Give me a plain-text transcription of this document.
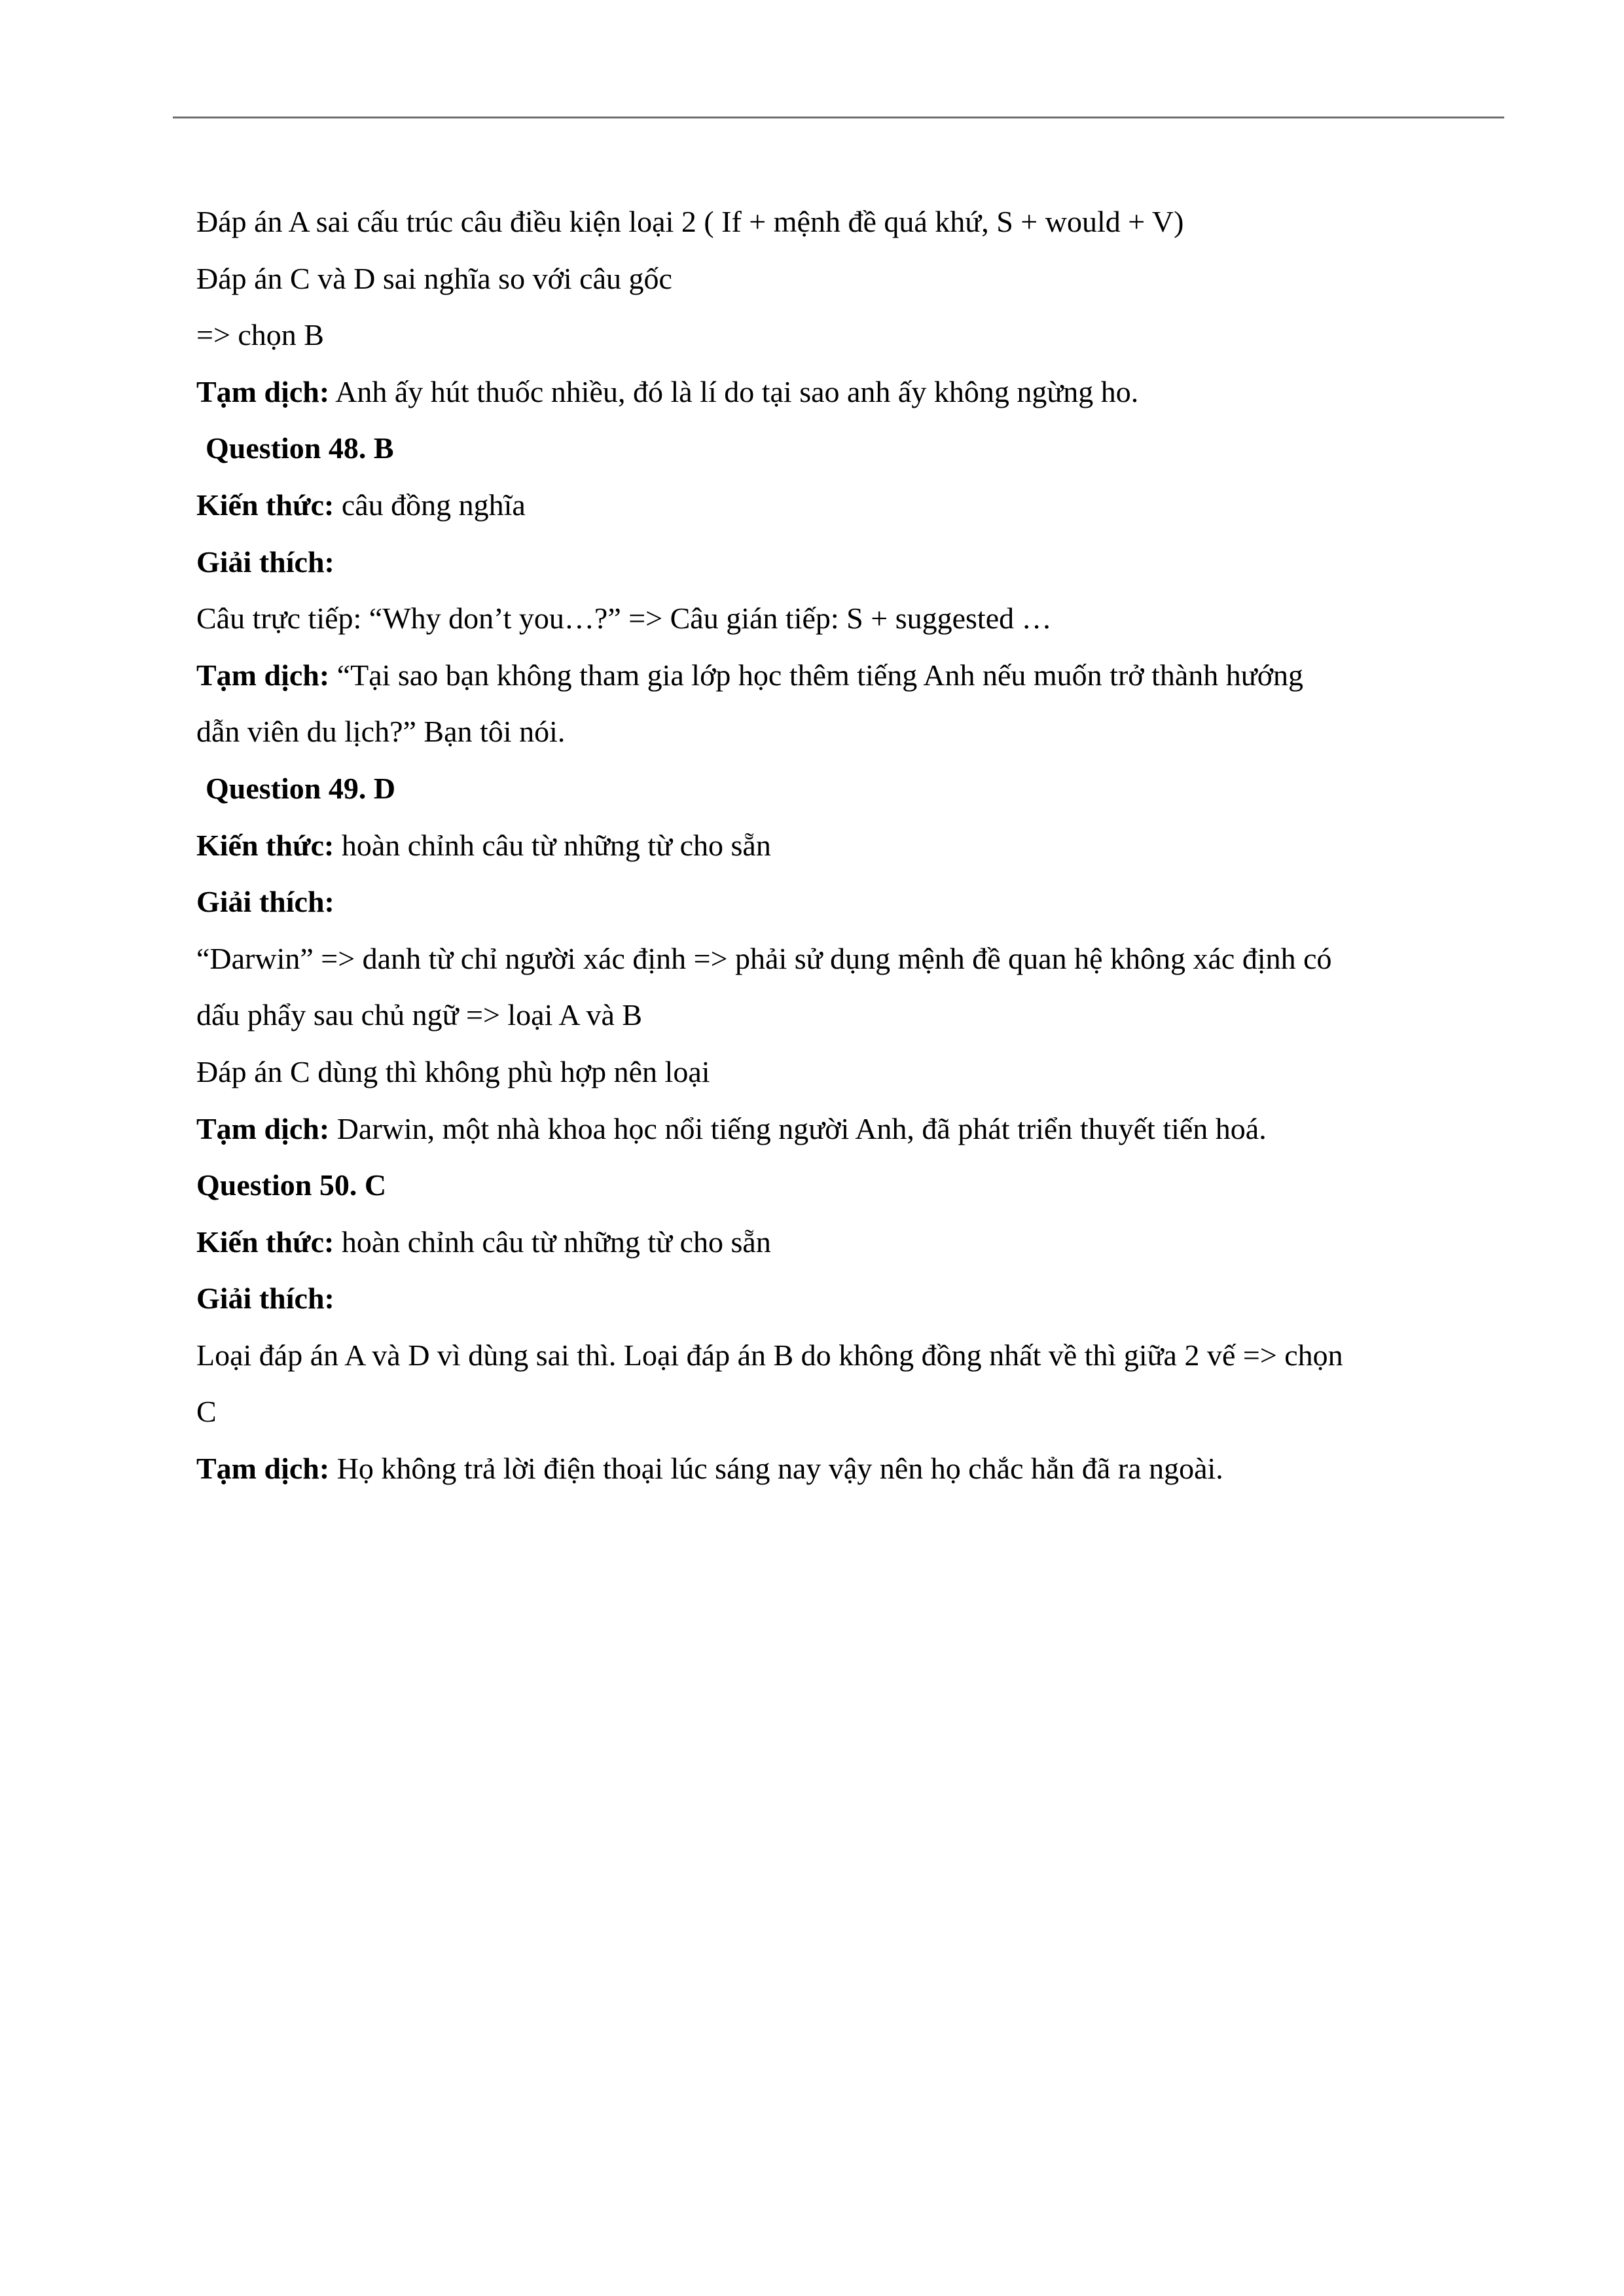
Đáp án A sai cấu trúc câu điều kiện loại 2 ( If + mệnh đề quá khứ, S + would + V)
Đáp án C và D sai nghĩa so với câu gốc
=> chọn B
Tạm dịch: Anh ấy hút thuốc nhiều, đó là lí do tại sao anh ấy không ngừng ho.
Question 48. B
Kiến thức: câu đồng nghĩa
Giải thích:
Câu trực tiếp: “Why don’t you…?” => Câu gián tiếp: S + suggested …
Tạm dịch: “Tại sao bạn không tham gia lớp học thêm tiếng Anh nếu muốn trở thành hướng
dẫn viên du lịch?” Bạn tôi nói.
Question 49. D
Kiến thức: hoàn chỉnh câu từ những từ cho sẵn
Giải thích:
“Darwin” => danh từ chỉ người xác định => phải sử dụng mệnh đề quan hệ không xác định có
dấu phẩy sau chủ ngữ => loại A và B
Đáp án C dùng thì không phù hợp nên loại
Tạm dịch: Darwin, một nhà khoa học nổi tiếng người Anh, đã phát triển thuyết tiến hoá.
Question 50. C
Kiến thức: hoàn chỉnh câu từ những từ cho sẵn
Giải thích:
Loại đáp án A và D vì dùng sai thì. Loại đáp án B do không đồng nhất về thì giữa 2 vế => chọn
C
Tạm dịch: Họ không trả lời điện thoại lúc sáng nay vậy nên họ chắc hẳn đã ra ngoài.
